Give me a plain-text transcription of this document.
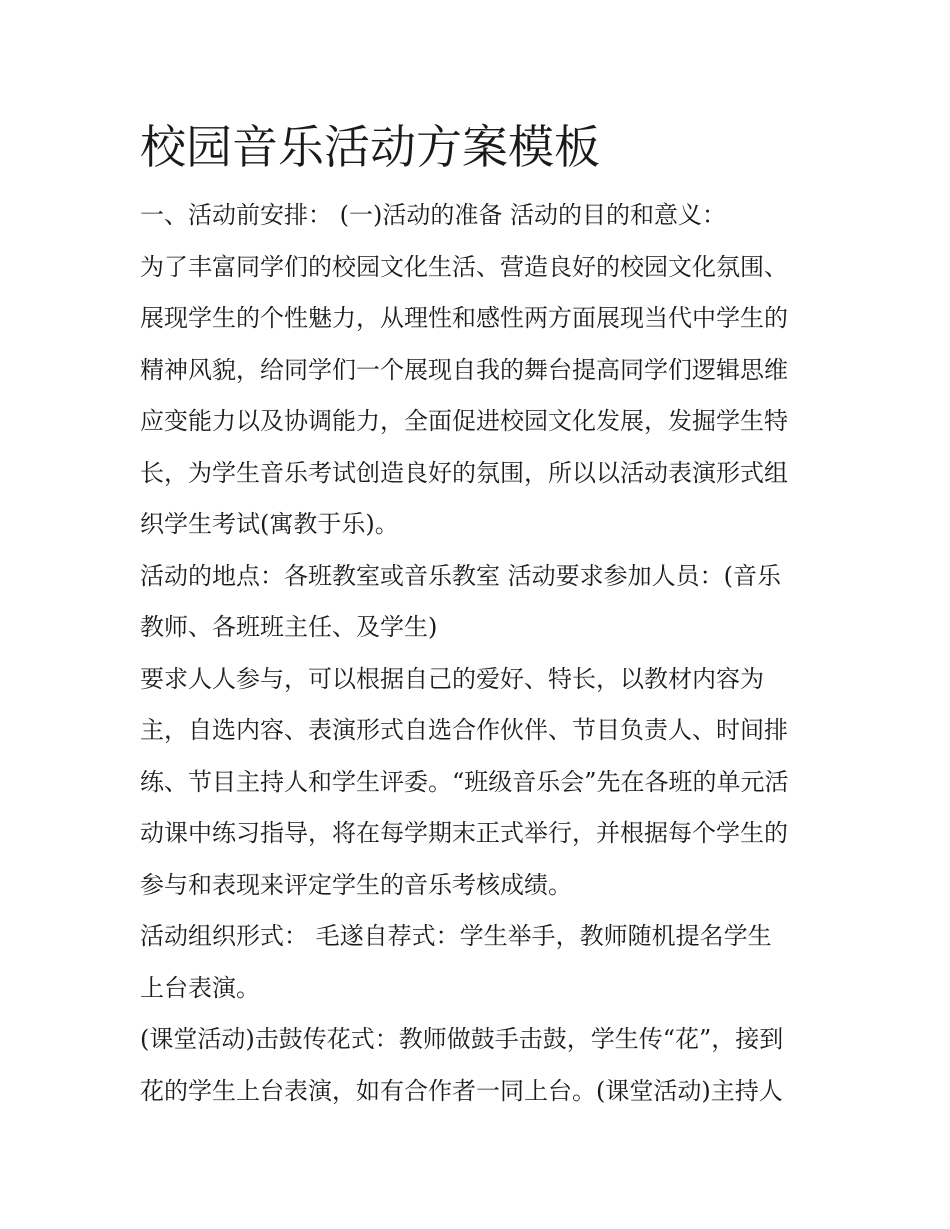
校园音乐活动方案模板
一、活动前安排： (一)活动的准备 活动的目的和意义：
为了丰富同学们的校园文化生活、营造良好的校园文化氛围、
展现学生的个性魅力，从理性和感性两方面展现当代中学生的
精神风貌，给同学们一个展现自我的舞台提高同学们逻辑思维
应变能力以及协调能力，全面促进校园文化发展，发掘学生特
长，为学生音乐考试创造良好的氛围，所以以活动表演形式组
织学生考试(寓教于乐)。
活动的地点：各班教室或音乐教室 活动要求参加人员：(音乐
教师、各班班主任、及学生)
要求人人参与，可以根据自己的爱好、特长，以教材内容为
主，自选内容、表演形式自选合作伙伴、节目负责人、时间排
练、节目主持人和学生评委。“班级音乐会”先在各班的单元活
动课中练习指导，将在每学期末正式举行，并根据每个学生的
参与和表现来评定学生的音乐考核成绩。
活动组织形式： 毛遂自荐式：学生举手，教师随机提名学生
上台表演。
(课堂活动)击鼓传花式：教师做鼓手击鼓，学生传“花”，接到
花的学生上台表演，如有合作者一同上台。(课堂活动)主持人
